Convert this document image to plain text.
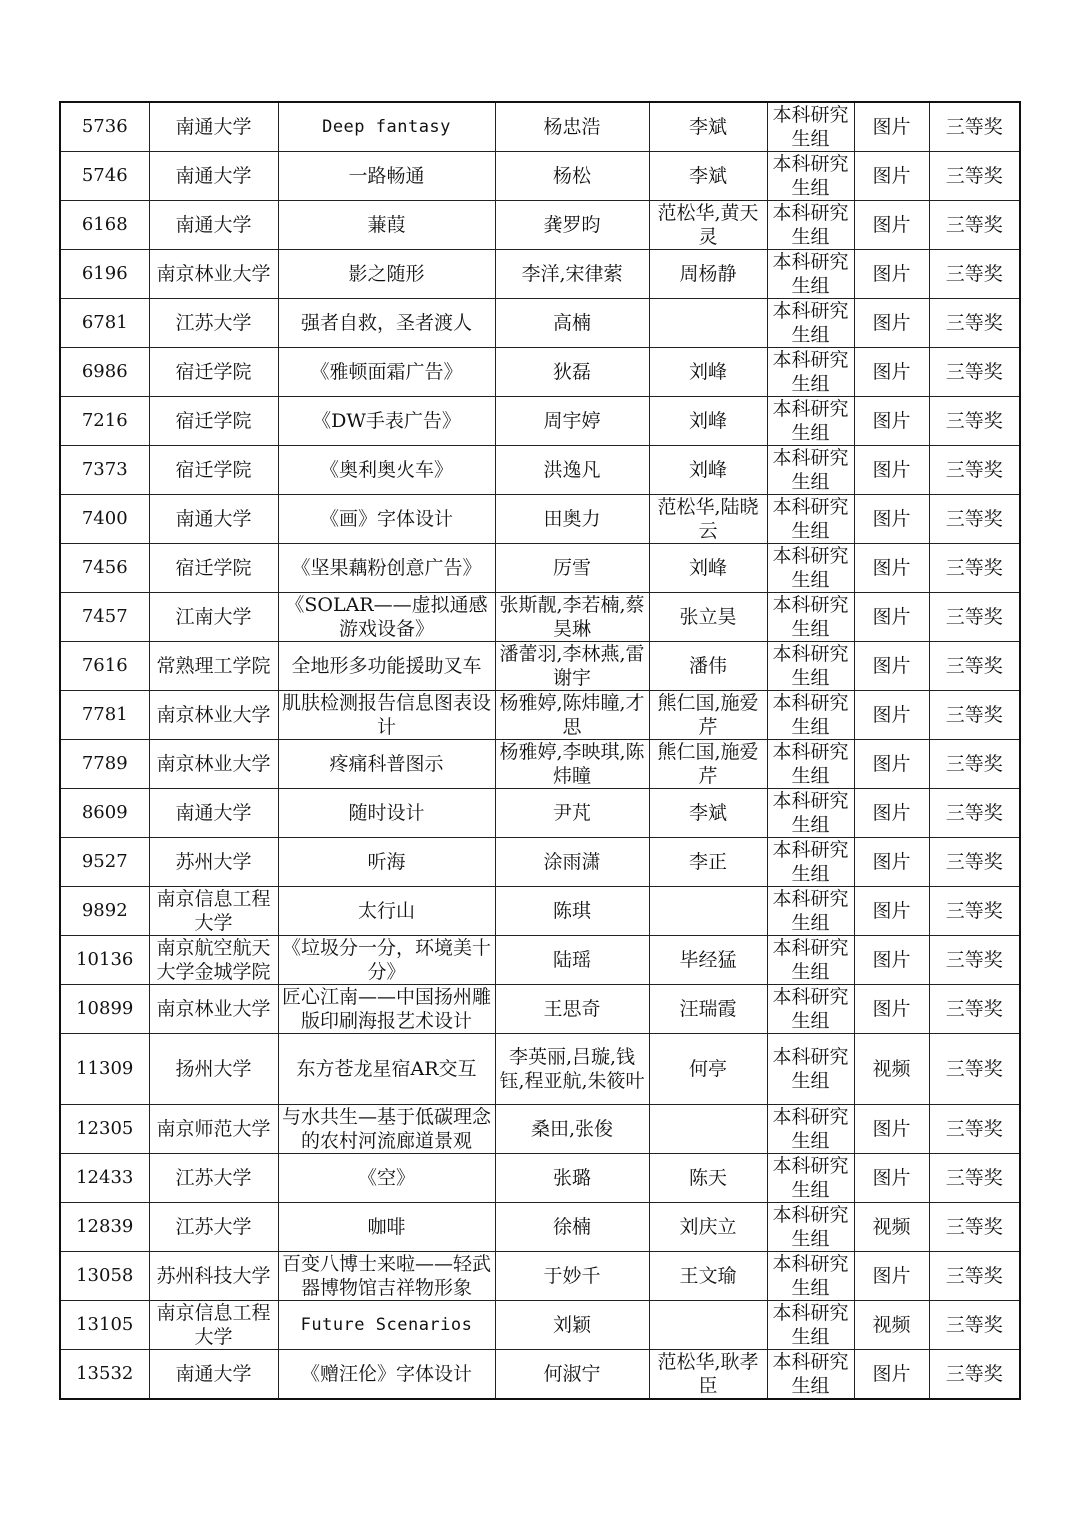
5736	南通大学	Deep fantasy	杨忠浩	李斌	本科研究生组	图片	三等奖
5746	南通大学	一路畅通	杨松	李斌	本科研究生组	图片	三等奖
6168	南通大学	蒹葭	龚罗昀	范松华,黄天灵	本科研究生组	图片	三等奖
6196	南京林业大学	影之随形	李洋,宋律萦	周杨静	本科研究生组	图片	三等奖
6781	江苏大学	强者自救，圣者渡人	高楠		本科研究生组	图片	三等奖
6986	宿迁学院	《雅顿面霜广告》	狄磊	刘峰	本科研究生组	图片	三等奖
7216	宿迁学院	《DW手表广告》	周宇婷	刘峰	本科研究生组	图片	三等奖
7373	宿迁学院	《奥利奥火车》	洪逸凡	刘峰	本科研究生组	图片	三等奖
7400	南通大学	《画》字体设计	田奥力	范松华,陆晓云	本科研究生组	图片	三等奖
7456	宿迁学院	《坚果藕粉创意广告》	厉雪	刘峰	本科研究生组	图片	三等奖
7457	江南大学	《SOLAR——虚拟通感游戏设备》	张斯靓,李若楠,蔡昊琳	张立昊	本科研究生组	图片	三等奖
7616	常熟理工学院	全地形多功能援助叉车	潘蕾羽,李林燕,雷谢宇	潘伟	本科研究生组	图片	三等奖
7781	南京林业大学	肌肤检测报告信息图表设计	杨雅婷,陈炜瞳,才思	熊仁国,施爱芹	本科研究生组	图片	三等奖
7789	南京林业大学	疼痛科普图示	杨雅婷,李映琪,陈炜瞳	熊仁国,施爱芹	本科研究生组	图片	三等奖
8609	南通大学	随时设计	尹芃	李斌	本科研究生组	图片	三等奖
9527	苏州大学	听海	涂雨潇	李正	本科研究生组	图片	三等奖
9892	南京信息工程大学	太行山	陈琪		本科研究生组	图片	三等奖
10136	南京航空航天大学金城学院	《垃圾分一分，环境美十分》	陆瑶	毕经猛	本科研究生组	图片	三等奖
10899	南京林业大学	匠心江南——中国扬州雕版印刷海报艺术设计	王思奇	汪瑞霞	本科研究生组	图片	三等奖
11309	扬州大学	东方苍龙星宿AR交互	李英丽,吕璇,钱钰,程亚航,朱筱叶	何亭	本科研究生组	视频	三等奖
12305	南京师范大学	与水共生—基于低碳理念的农村河流廊道景观	桑田,张俊		本科研究生组	图片	三等奖
12433	江苏大学	《空》	张璐	陈天	本科研究生组	图片	三等奖
12839	江苏大学	咖啡	徐楠	刘庆立	本科研究生组	视频	三等奖
13058	苏州科技大学	百变八博士来啦——轻武器博物馆吉祥物形象	于妙千	王文瑜	本科研究生组	图片	三等奖
13105	南京信息工程大学	Future Scenarios	刘颖		本科研究生组	视频	三等奖
13532	南通大学	《赠汪伦》字体设计	何淑宁	范松华,耿孝臣	本科研究生组	图片	三等奖
